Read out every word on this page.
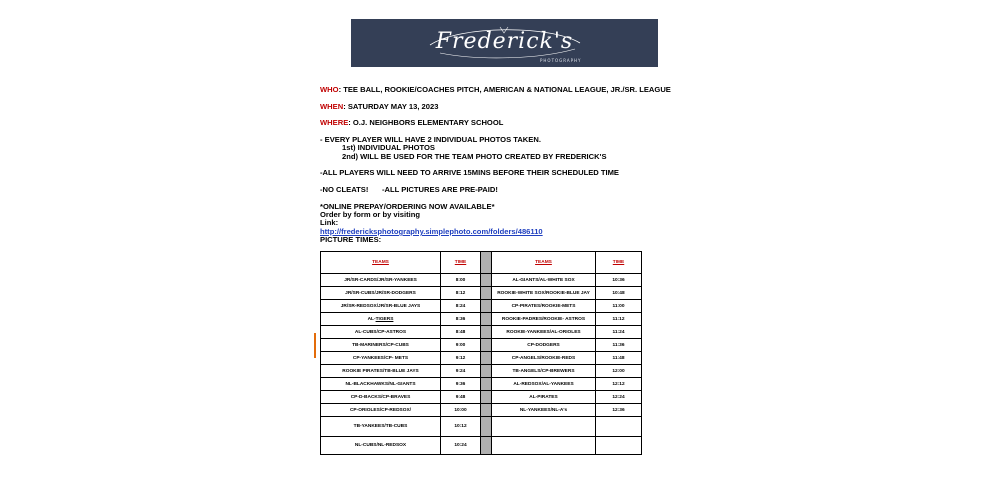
Frederick's
PHOTOGRAPHY
WHO: TEE BALL, ROOKIE/COACHES PITCH, AMERICAN & NATIONAL LEAGUE, JR./SR. LEAGUE
WHEN: SATURDAY MAY 13, 2023
WHERE: O.J. NEIGHBORS ELEMENTARY SCHOOL
- EVERY PLAYER WILL HAVE 2 INDIVIDUAL PHOTOS TAKEN.
1st) INDIVIDUAL PHOTOS
2nd) WILL BE USED FOR THE TEAM PHOTO CREATED BY FREDERICK'S
-ALL PLAYERS WILL NEED TO ARRIVE 15MINS BEFORE THEIR SCHEDULED TIME
-NO CLEATS! -ALL PICTURES ARE PRE-PAID!
*ONLINE PREPAY/ORDERING NOW AVAILABLE*
Order by form or by visiting
Link:
http://fredericksphotography.simplephoto.com/folders/486110
PICTURE TIMES:
TEAMS	TIME		TEAMS	TIME
JR/SR-CARDS/JR/SR-YANKEES	8:00		AL-GIANTS/AL-WHITE SOX	10:36
JR/SR-CUBS/JR/SR-DODGERS	8:12		ROOKIE-WHITE SOX/ROOKIE-BLUE JAY	10:48
JR/SR-REDSOX/JR/SR-BLUE JAYS	8:24		CP-PIRATES/ROOKIE-METS	11:00
AL-TIGERS	8:36		ROOKIE-PADRES/ROOKIE- ASTROS	11:12
AL-CUBS/CP-ASTROS	8:48		ROOKIE-YANKEES/AL-ORIOLES	11:24
TB-MARINERS/CP-CUBS	9:00		CP-DODGERS	11:36
CP-YANKEES/CP- METS	9:12		CP-ANGELS/ROOKIE-REDS	11:48
ROOKIE PIRATES/TB-BLUE JAYS	9:24		TB-ANGELS/CP-BREWERS	12:00
NL-BLACKHAWKS/NL-GIANTS	9:36		AL-REDSOX/AL-YANKEES	12:12
CP-D-BACKS/CP-BRAVES	9:48		AL-PIRATES	12:24
CP-ORIOLES/CP-REDSOX/	10:00		NL-YANKEES/NL-A's	12:36
TB-YANKEES/TB-CUBS	10:12			
NL-CUBS/NL-REDSOX	10:24			
